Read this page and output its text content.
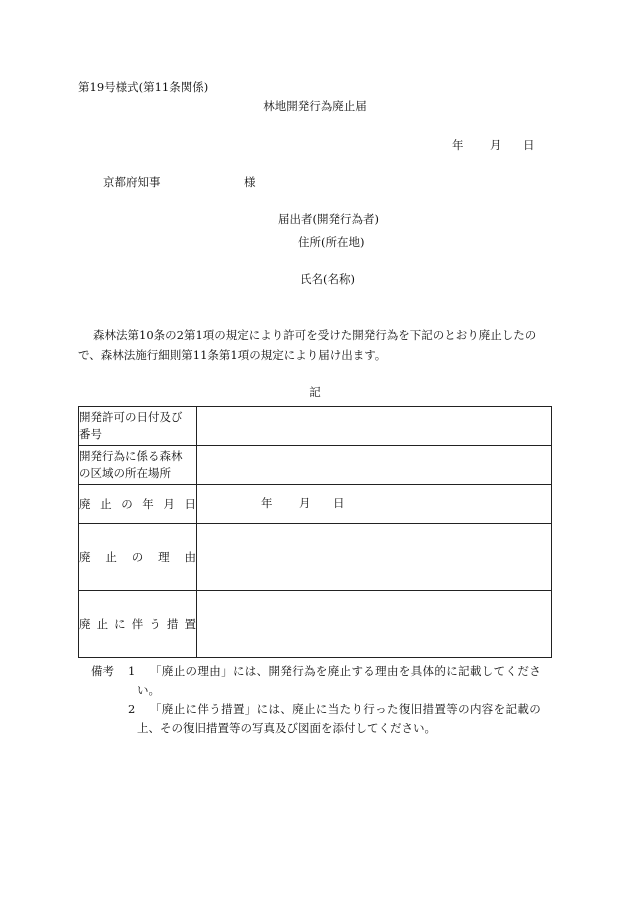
第19号様式(第11条関係)
林地開発行為廃止届
年 月 日
京都府知事	様
届出者(開発行為者)
住所(所在地)
氏名(名称)
森林法第10条の2第1項の規定により許可を受けた開発行為を下記のとおり廃止したの
で、森林法施行細則第11条第1項の規定により届け出ます。
記
開発許可の日付及び
番号	

開発行為に係る森林
の区域の所在場所	

廃 止 の 年 月 日	年 月 日

廃 止 の 理 由	

廃止に伴う措置	

備考 1 「廃止の理由」には、開発行為を廃止する理由を具体的に記載してくださ
い。
2 「廃止に伴う措置」には、廃止に当たり行った復旧措置等の内容を記載の
上、その復旧措置等の写真及び図面を添付してください。
